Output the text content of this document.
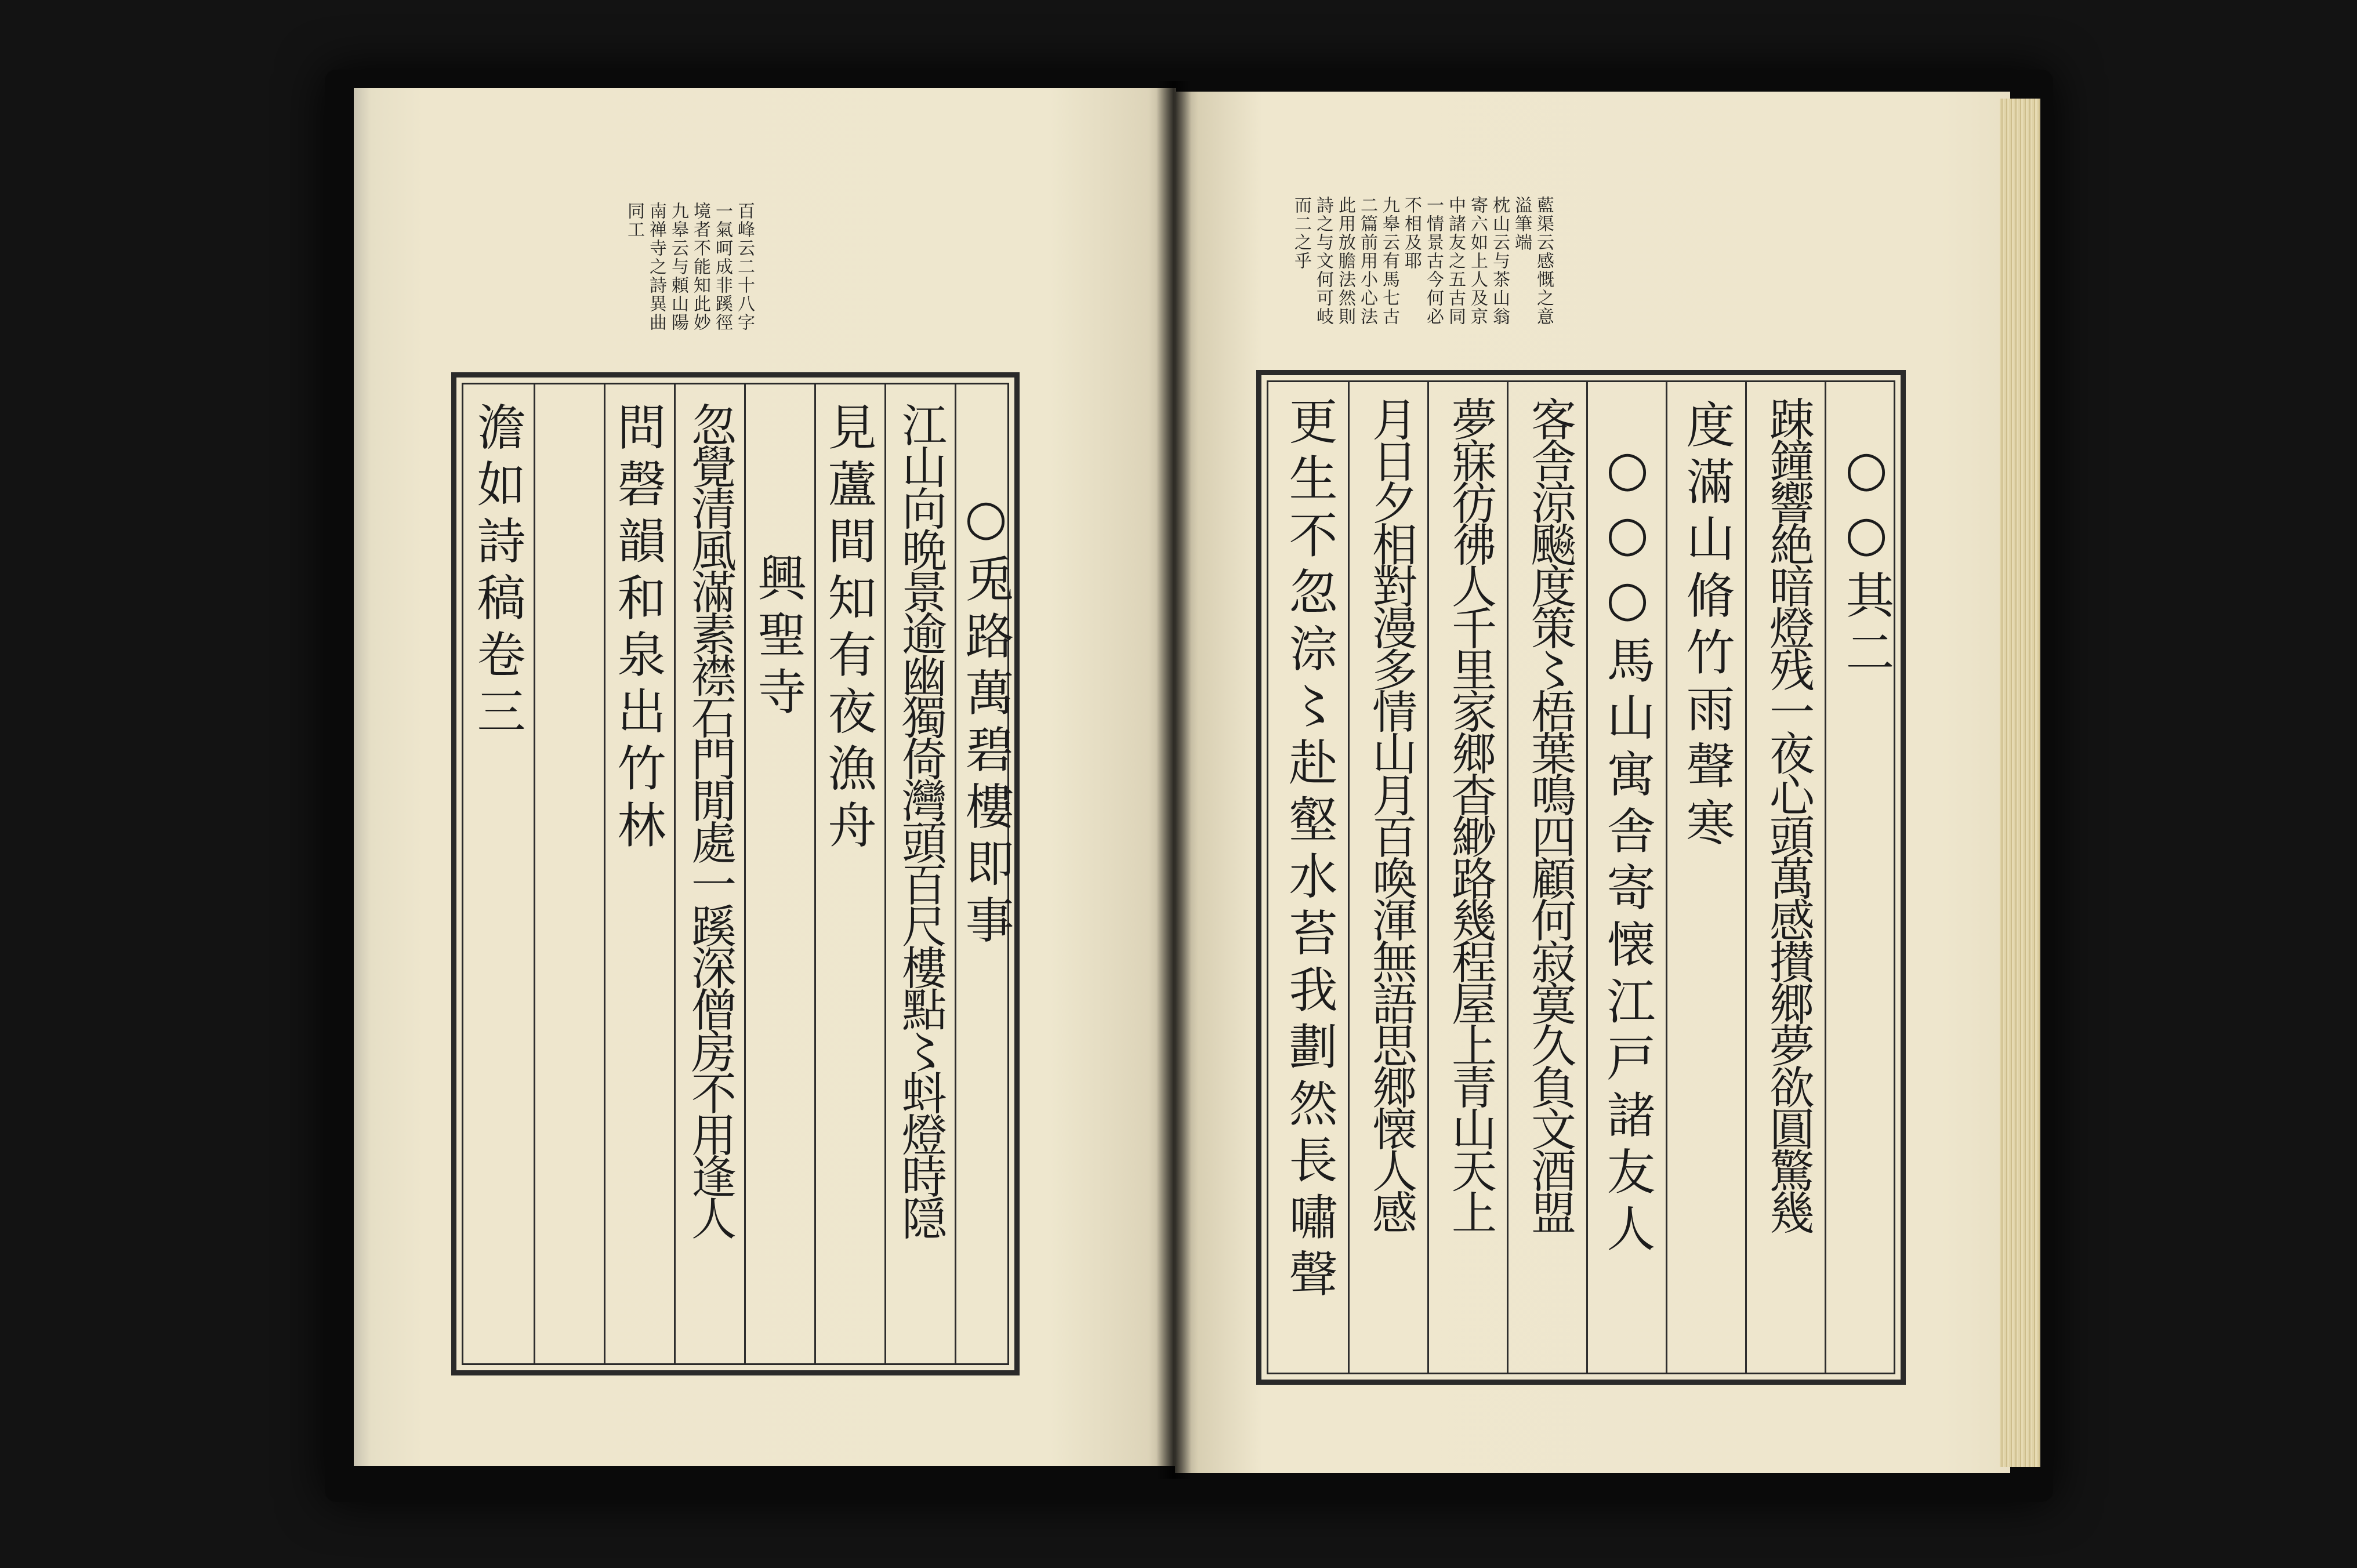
百峰云二十八字
一氣呵成非蹊徑
境者不能知此妙
九皋云与頼山陽
南禅寺之詩異曲
同工
○兎路萬碧樓即事
江山向晩景逾幽獨倚灣頭百尺樓點〻蚪燈時隠
見蘆間知有夜漁舟
興聖寺
忽覺清風滿素襟石門閒處一蹊深僧房不用逢人
問磬韻和泉出竹林
澹如詩稿卷三
藍渠云感慨之意
溢筆端
枕山云与茶山翁
寄六如上人及京
中諸友之五古同
一情景古今何必
不相及耶
九皋云有馬七古
二篇前用小心法
此用放膽法然則
詩之与文何可岐
而二之乎
○○其二
踈鐘響絶暗燈残一夜心頭萬感攅郷夢欲圓驚幾
度滿山脩竹雨聲寒
○○○馬山寓舎寄懐江戸諸友人
客舎涼飈度策〻梧葉鳴四顧何寂寞久負文酒盟
夢寐彷彿人千里家郷杳緲路幾程屋上青山天上
月日夕相對漫多情山月百喚渾無語思郷懐人感
更生不忽淙〻赴壑水苔我劃然長嘯聲
